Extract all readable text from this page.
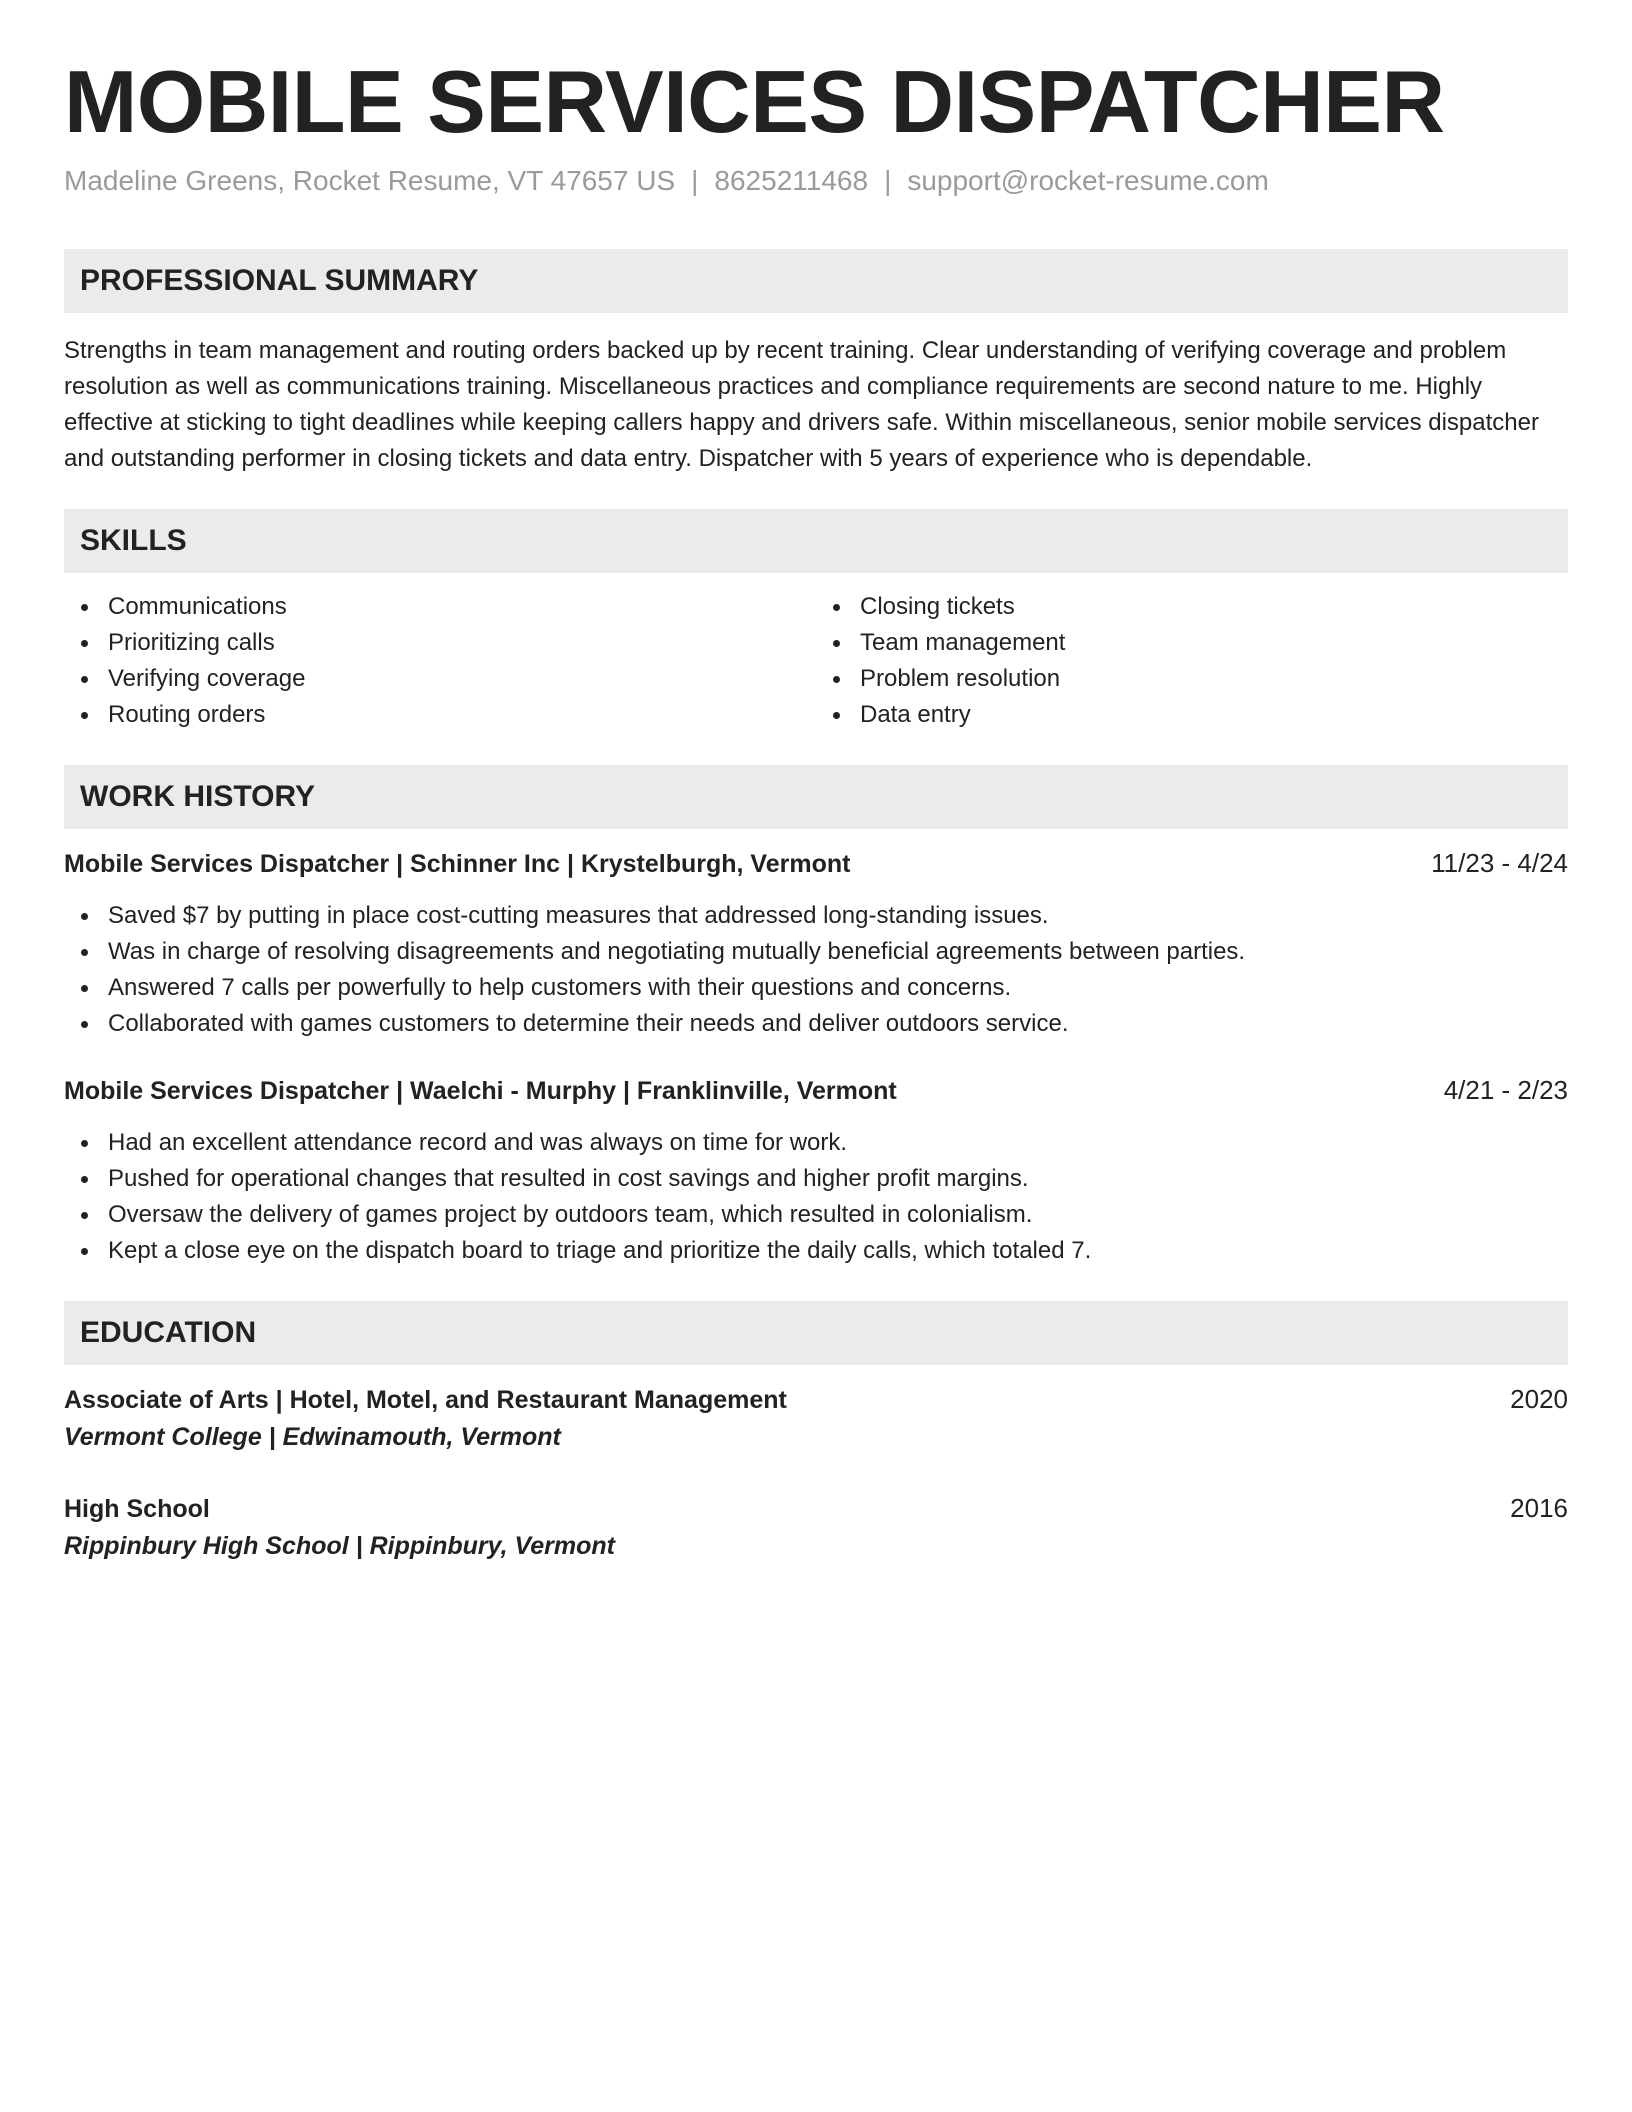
MOBILE SERVICES DISPATCHER
Madeline Greens, Rocket Resume, VT 47657 US | 8625211468 | support@rocket-resume.com
PROFESSIONAL SUMMARY

Strengths in team management and routing orders backed up by recent training. Clear understanding of verifying coverage and problem resolution as well as communications training. Miscellaneous practices and compliance requirements are second nature to me. Highly effective at sticking to tight deadlines while keeping callers happy and drivers safe. Within miscellaneous, senior mobile services dispatcher and outstanding performer in closing tickets and data entry. Dispatcher with 5 years of experience who is dependable.

SKILLS
Communications
Prioritizing calls
Verifying coverage
Routing orders
Closing tickets
Team management
Problem resolution
Data entry
WORK HISTORY
Mobile Services Dispatcher | Schinner Inc | Krystelburgh, Vermont	11/23 - 4/24
Saved $7 by putting in place cost-cutting measures that addressed long-standing issues.
Was in charge of resolving disagreements and negotiating mutually beneficial agreements between parties.
Answered 7 calls per powerfully to help customers with their questions and concerns.
Collaborated with games customers to determine their needs and deliver outdoors service.
Mobile Services Dispatcher | Waelchi - Murphy | Franklinville, Vermont	4/21 - 2/23
Had an excellent attendance record and was always on time for work.
Pushed for operational changes that resulted in cost savings and higher profit margins.
Oversaw the delivery of games project by outdoors team, which resulted in colonialism.
Kept a close eye on the dispatch board to triage and prioritize the daily calls, which totaled 7.
EDUCATION
Associate of Arts | Hotel, Motel, and Restaurant Management	2020
Vermont College | Edwinamouth, Vermont
High School	2016
Rippinbury High School | Rippinbury, Vermont
